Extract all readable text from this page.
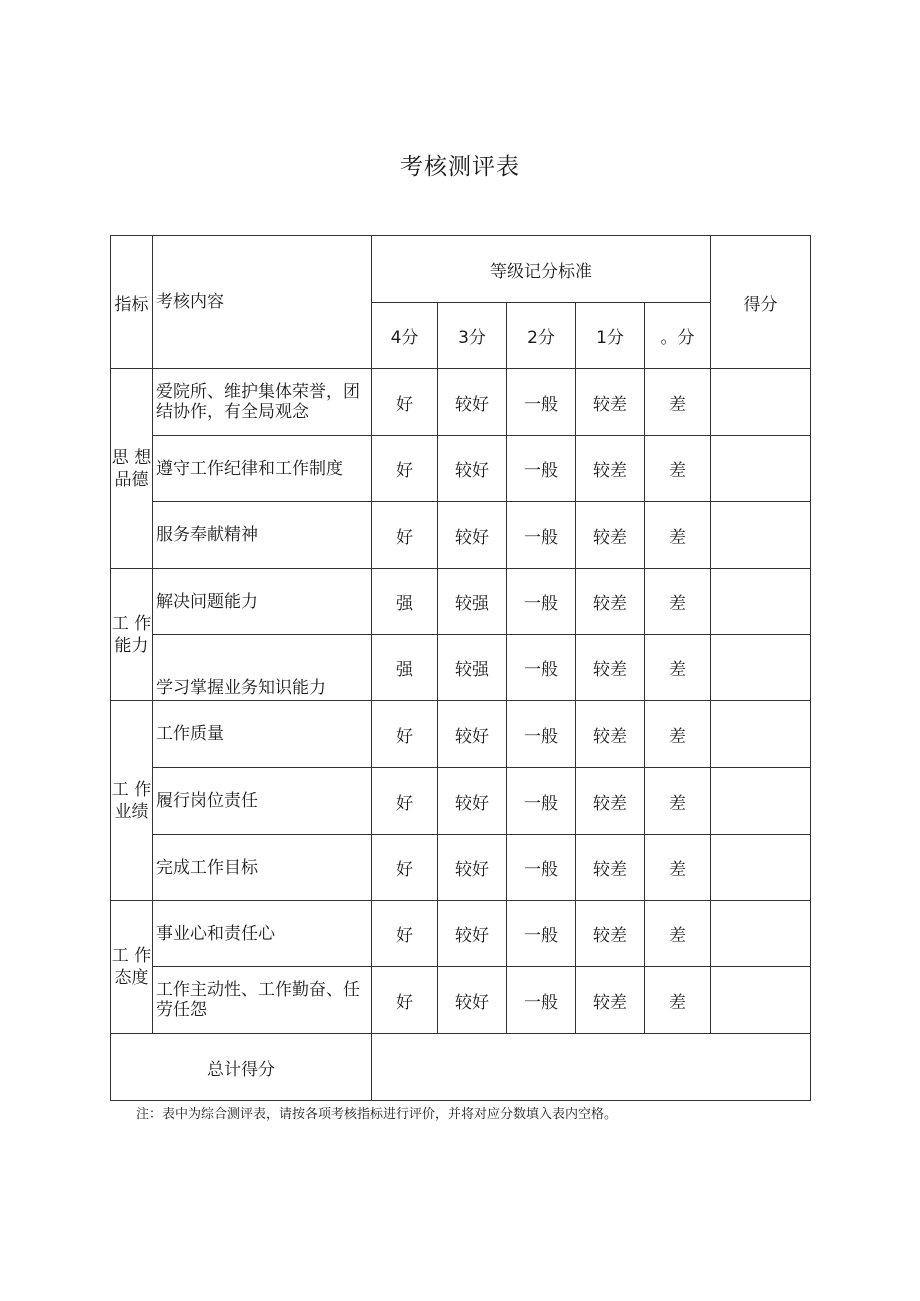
考核测评表
指标	考核内容	等级记分标准					得分
		4分	3分	2分	1分	。分	
思 想 品德	爱院所、维护集体荣誉，团结协作，有全局观念	好	较好	一般	较差	差	
	遵守工作纪律和工作制度	好	较好	一般	较差	差	
	服务奉献精神	好	较好	一般	较差	差	
工 作 能力	解决问题能力	强	较强	一般	较差	差	
	学习掌握业务知识能力	强	较强	一般	较差	差	
工 作 业绩	工作质量	好	较好	一般	较差	差	
	履行岗位责任	好	较好	一般	较差	差	
	完成工作目标	好	较好	一般	较差	差	
工 作 态度	事业心和责任心	好	较好	一般	较差	差	
	工作主动性、工作勤奋、任劳任怨	好	较好	一般	较差	差	
总计得分							
注：表中为综合测评表，请按各项考核指标进行评价，并将对应分数填入表内空格。
